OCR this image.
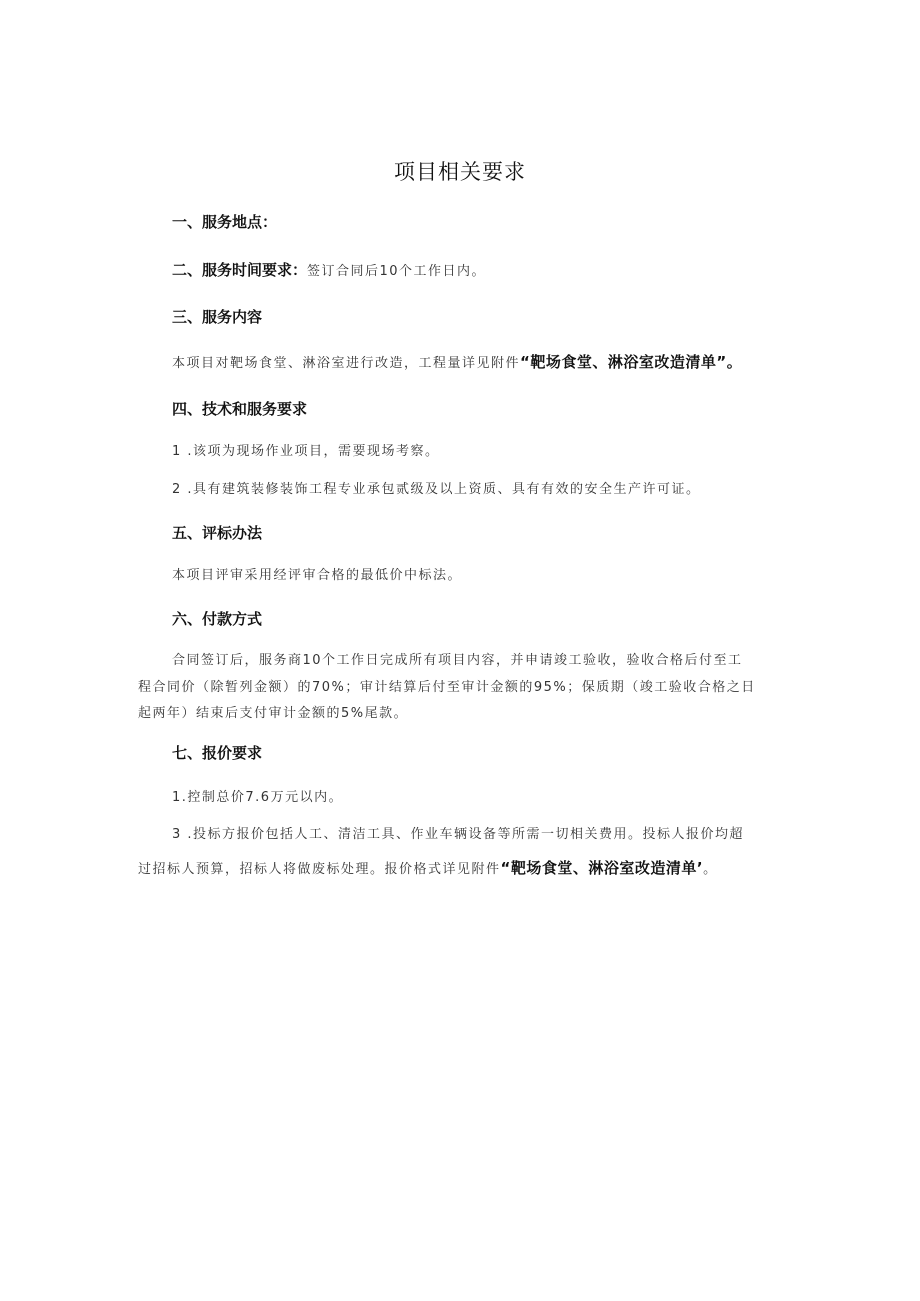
项目相关要求
一、服务地点：
二、服务时间要求：签订合同后10个工作日内。
三、服务内容
本项目对靶场食堂、淋浴室进行改造，工程量详见附件“靶场食堂、淋浴室改造清单”。
四、技术和服务要求
1 .该项为现场作业项目，需要现场考察。
2 .具有建筑装修装饰工程专业承包贰级及以上资质、具有有效的安全生产许可证。
五、评标办法
本项目评审采用经评审合格的最低价中标法。
六、付款方式
合同签订后，服务商10个工作日完成所有项目内容，并申请竣工验收，验收合格后付至工
程合同价（除暂列金额）的70%；审计结算后付至审计金额的95%；保质期（竣工验收合格之日
起两年）结束后支付审计金额的5%尾款。
七、报价要求
1.控制总价7.6万元以内。
3 .投标方报价包括人工、清洁工具、作业车辆设备等所需一切相关费用。投标人报价均超
过招标人预算，招标人将做废标处理。报价格式详见附件“靶场食堂、淋浴室改造清单’。
